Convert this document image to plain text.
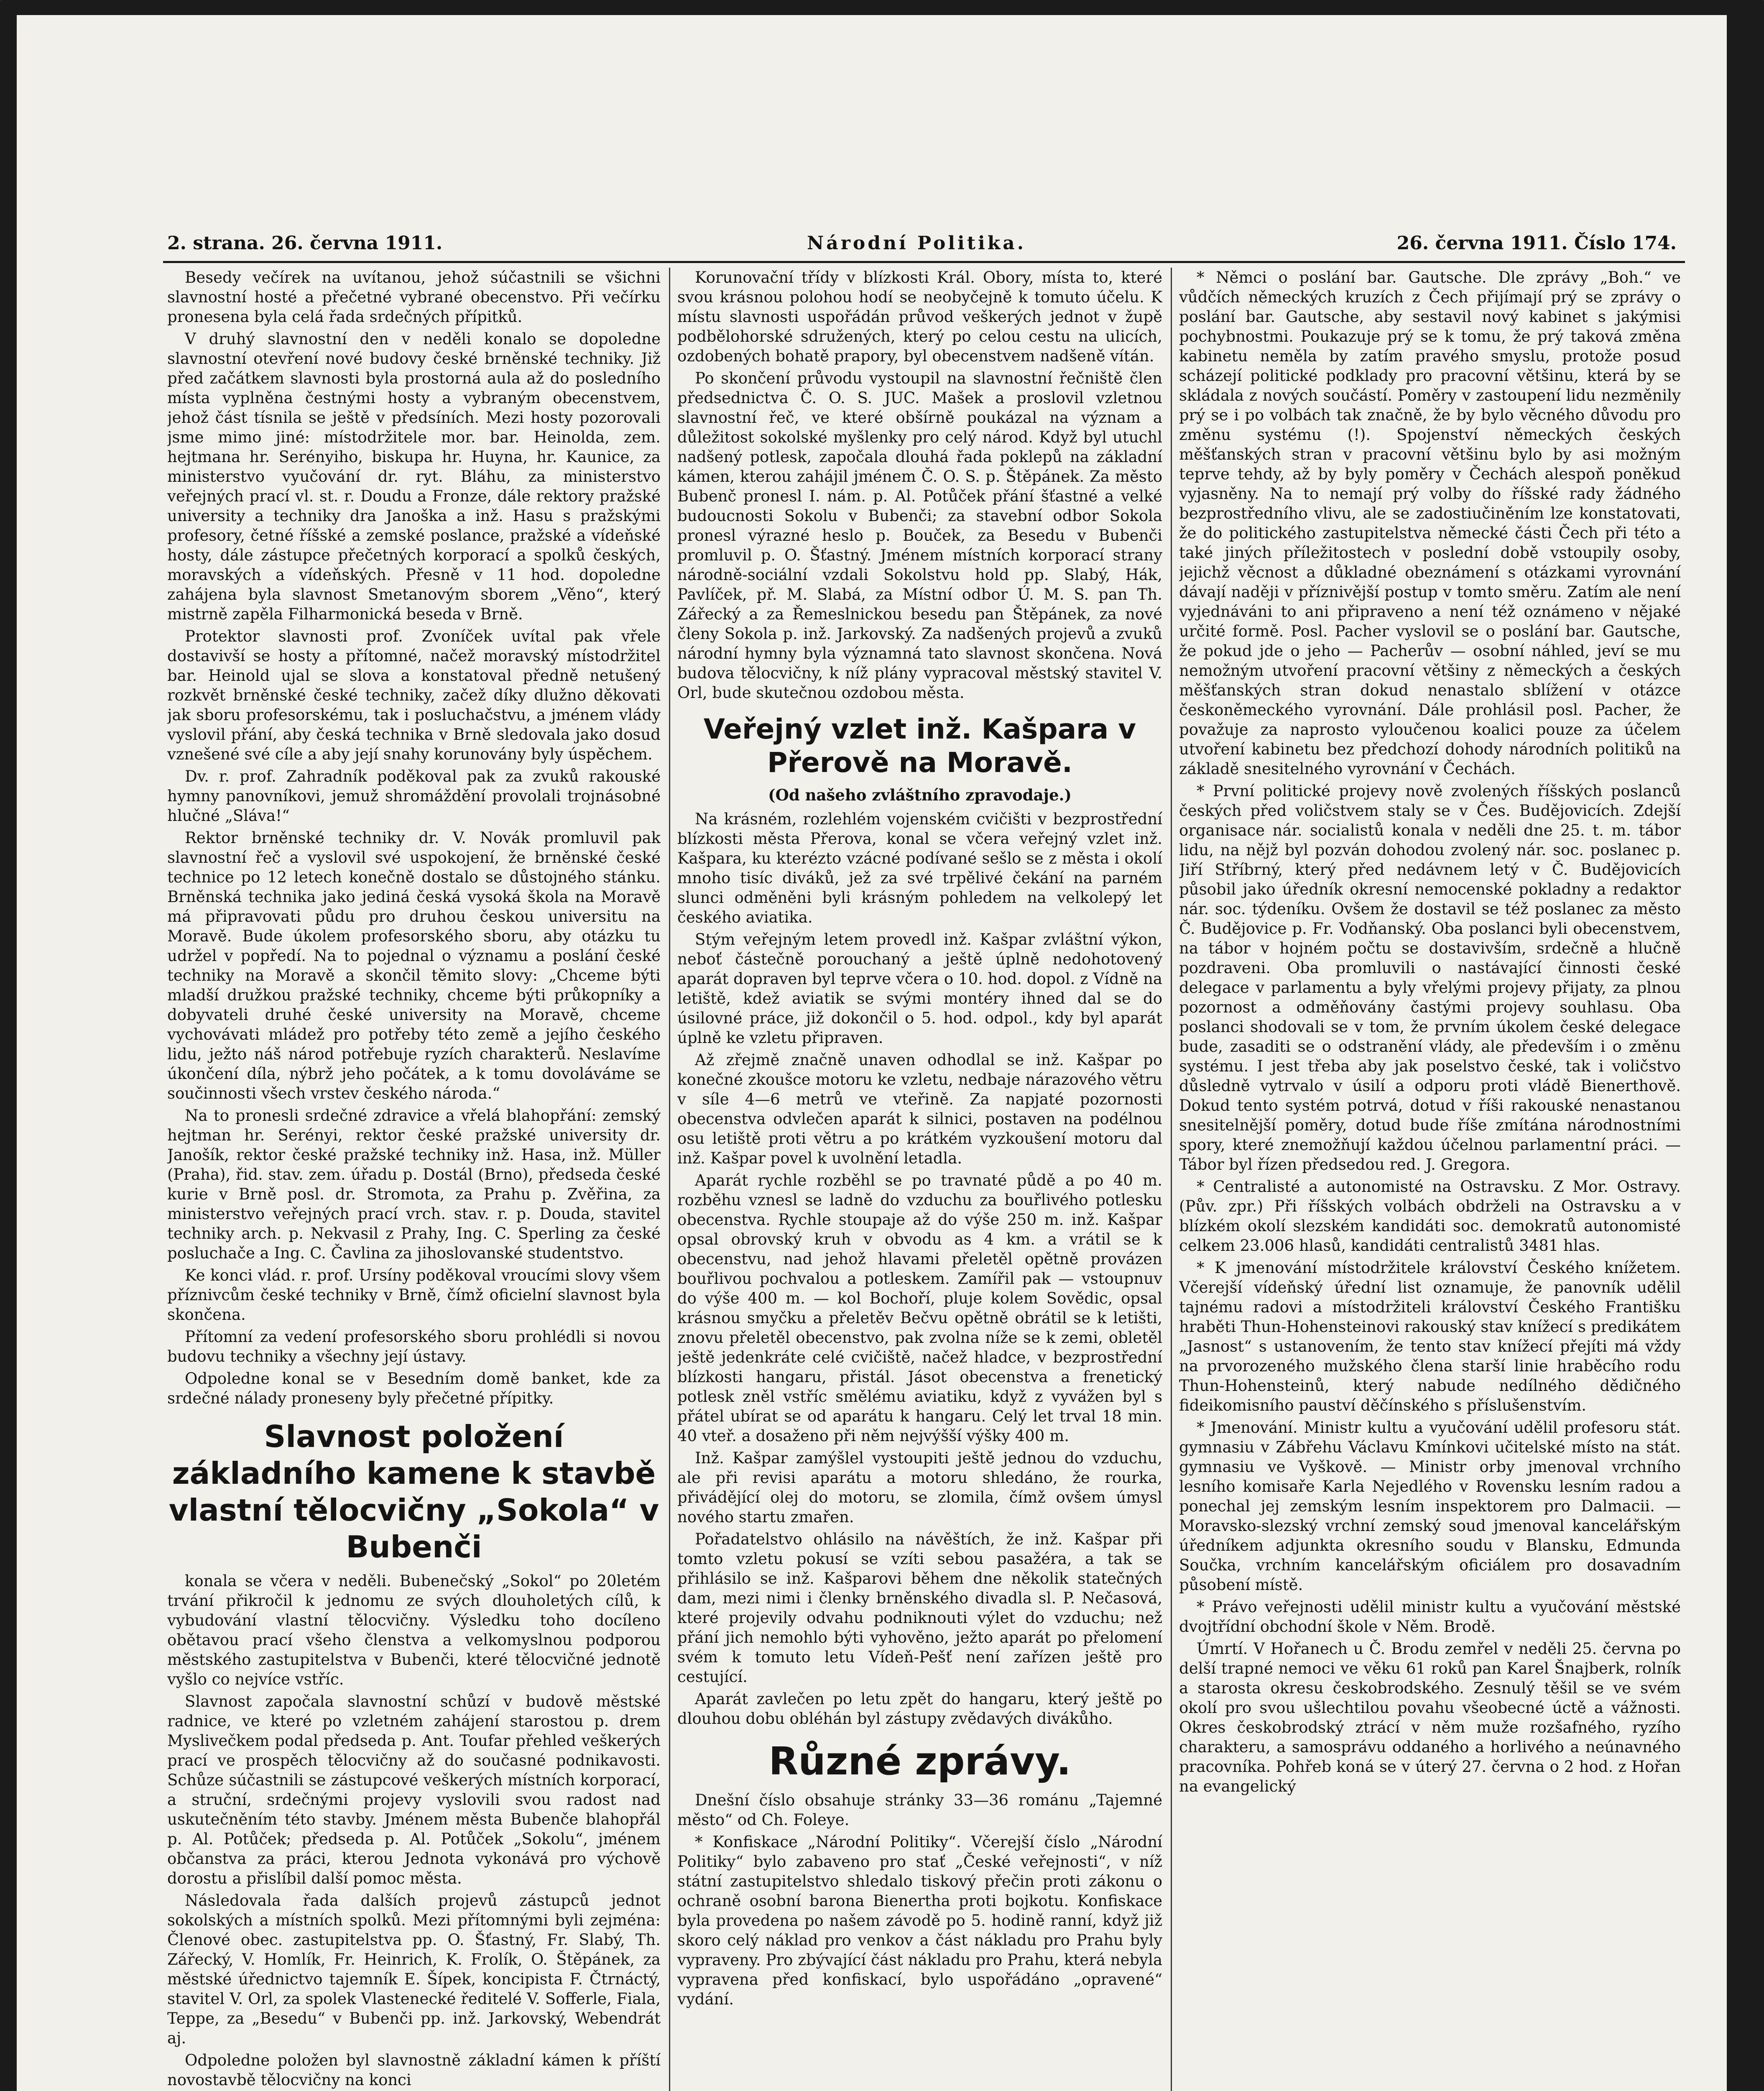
2. strana. 26. června 1911.	Národní Politika.	26. června 1911. Číslo 174.

Besedy večírek na uvítanou, jehož súčastnili se všichni slavnostní hosté a přečetné vybrané obecenstvo. Při večírku pronesena byla celá řada srdečných přípitků.

V druhý slavnostní den v neděli konalo se dopoledne slavnostní otevření nové budovy české brněnské techniky. Již před začátkem slavnosti byla prostorná aula až do posledního místa vyplněna čestnými hosty a vybraným obecenstvem, jehož část tísnila se ještě v předsíních. Mezi hosty pozorovali jsme mimo jiné: místodržitele mor. bar. Heinolda, zem. hejtmana hr. Serényiho, biskupa hr. Huyna, hr. Kaunice, za ministerstvo vyučování dr. ryt. Bláhu, za ministerstvo veřejných prací vl. st. r. Doudu a Fronze, dále rektory pražské university a techniky dra Janoška a inž. Hasu s pražskými profesory, četné říšské a zemské poslance, pražské a vídeňské hosty, dále zástupce přečetných korporací a spolků českých, moravských a vídeňských. Přesně v 11 hod. dopoledne zahájena byla slavnost Smetanovým sborem „Věno“, který mistrně zapěla Filharmonická beseda v Brně.

Protektor slavnosti prof. Zvoníček uvítal pak vřele dostavivší se hosty a přítomné, načež moravský místodržitel bar. Heinold ujal se slova a konstatoval předně netušený rozkvět brněnské české techniky, začež díky dlužno děkovati jak sboru profesorskému, tak i posluchačstvu, a jménem vlády vyslovil přání, aby česká technika v Brně sledovala jako dosud vznešené své cíle a aby její snahy korunovány byly úspěchem.

Dv. r. prof. Zahradník poděkoval pak za zvuků rakouské hymny panovníkovi, jemuž shromáždění provolali trojnásobné hlučné „Sláva!“

Rektor brněnské techniky dr. V. Novák promluvil pak slavnostní řeč a vyslovil své uspokojení, že brněnské české technice po 12 letech konečně dostalo se důstojného stánku. Brněnská technika jako jediná česká vysoká škola na Moravě má připravovati půdu pro druhou českou universitu na Moravě. Bude úkolem profesorského sboru, aby otázku tu udržel v popředí. Na to pojednal o významu a poslání české techniky na Moravě a skončil těmito slovy: „Chceme býti mladší družkou pražské techniky, chceme býti průkopníky a dobyvateli druhé české university na Moravě, chceme vychovávati mládež pro potřeby této země a jejího českého lidu, ježto náš národ potřebuje ryzích charakterů. Neslavíme úkončení díla, nýbrž jeho počátek, a k tomu dovoláváme se součinnosti všech vrstev českého národa.“

Na to pronesli srdečné zdravice a vřelá blahopřání: zemský hejtman hr. Serényi, rektor české pražské university dr. Janošík, rektor české pražské techniky inž. Hasa, inž. Müller (Praha), řid. stav. zem. úřadu p. Dostál (Brno), předseda české kurie v Brně posl. dr. Stromota, za Prahu p. Zvěřina, za ministerstvo veřejných prací vrch. stav. r. p. Douda, stavitel techniky arch. p. Nekvasil z Prahy, Ing. C. Sperling za české posluchače a Ing. C. Čavlina za jihoslovanské studentstvo.

Ke konci vlád. r. prof. Ursíny poděkoval vroucími slovy všem příznivcům české techniky v Brně, čímž oficielní slavnost byla skončena.

Přítomní za vedení profesorského sboru prohlédli si novou budovu techniky a všechny její ústavy.

Odpoledne konal se v Besedním domě banket, kde za srdečné nálady proneseny byly přečetné přípitky.

Slavnost položení základního kamene k stavbě vlastní tělocvičny „Sokola“ v Bubenči

konala se včera v neděli. Bubenečský „Sokol“ po 20letém trvání přikročil k jednomu ze svých dlouholetých cílů, k vybudování vlastní tělocvičny. Výsledku toho docíleno obětavou prací všeho členstva a velkomyslnou podporou městského zastupitelstva v Bubenči, které tělocvičné jednotě vyšlo co nejvíce vstříc.

Slavnost započala slavnostní schůzí v budově městské radnice, ve které po vzletném zahájení starostou p. drem Myslivečkem podal předseda p. Ant. Toufar přehled veškerých prací ve prospěch tělocvičny až do současné podnikavosti. Schůze súčastnili se zástupcové veškerých místních korporací, a struční, srdečnými projevy vyslovili svou radost nad uskutečněním této stavby. Jménem města Bubenče blahopřál p. Al. Potůček; předseda p. Al. Potůček „Sokolu“, jménem občanstva za práci, kterou Jednota vykonává pro výchově dorostu a přislíbil další pomoc města.

Následovala řada dalších projevů zástupců jednot sokolských a místních spolků. Mezi přítomnými byli zejména: Členové obec. zastupitelstva pp. O. Šťastný, Fr. Slabý, Th. Zářecký, V. Homlík, Fr. Heinrich, K. Frolík, O. Štěpánek, za městské úřednictvo tajemník E. Šípek, koncipista F. Čtrnáctý, stavitel V. Orl, za spolek Vlastenecké ředitelé V. Sofferle, Fiala, Teppe, za „Besedu“ v Bubenči pp. inž. Jarkovský, Webendrát aj.

Odpoledne položen byl slavnostně základní kámen k příští novostavbě tělocvičny na konci

Korunovační třídy v blízkosti Král. Obory, místa to, které svou krásnou polohou hodí se neobyčejně k tomuto účelu. K místu slavnosti uspořádán průvod veškerých jednot v župě podbělohorské sdružených, který po celou cestu na ulicích, ozdobených bohatě prapory, byl obecenstvem nadšeně vítán.

Po skončení průvodu vystoupil na slavnostní řečniště člen předsednictva Č. O. S. JUC. Mašek a proslovil vzletnou slavnostní řeč, ve které obšírně poukázal na význam a důležitost sokolské myšlenky pro celý národ. Když byl utuchl nadšený potlesk, započala dlouhá řada poklepů na základní kámen, kterou zahájil jménem Č. O. S. p. Štěpánek. Za město Bubenč pronesl I. nám. p. Al. Potůček přání šťastné a velké budoucnosti Sokolu v Bubenči; za stavební odbor Sokola pronesl výrazné heslo p. Bouček, za Besedu v Bubenči promluvil p. O. Šťastný. Jménem místních korporací strany národně-sociální vzdali Sokolstvu hold pp. Slabý, Hák, Pavlíček, př. M. Slabá, za Místní odbor Ú. M. S. pan Th. Zářecký a za Řemeslnickou besedu pan Štěpánek, za nové členy Sokola p. inž. Jarkovský. Za nadšených projevů a zvuků národní hymny byla významná tato slavnost skončena. Nová budova tělocvičny, k níž plány vypracoval městský stavitel V. Orl, bude skutečnou ozdobou města.

Veřejný vzlet inž. Kašpara v Přerově na Moravě.

(Od našeho zvláštního zpravodaje.)

Na krásném, rozlehlém vojenském cvičišti v bezprostřední blízkosti města Přerova, konal se včera veřejný vzlet inž. Kašpara, ku kterézto vzácné podívané sešlo se z města i okolí mnoho tisíc diváků, jež za své trpělivé čekání na parném slunci odměněni byli krásným pohledem na velkolepý let českého aviatika.

Stým veřejným letem provedl inž. Kašpar zvláštní výkon, neboť částečně porouchaný a ještě úplně nedohotovený aparát dopraven byl teprve včera o 10. hod. dopol. z Vídně na letiště, kdež aviatik se svými montéry ihned dal se do úsilovné práce, již dokončil o 5. hod. odpol., kdy byl aparát úplně ke vzletu připraven.

Až zřejmě značně unaven odhodlal se inž. Kašpar po konečné zkoušce motoru ke vzletu, nedbaje nárazového větru v síle 4—6 metrů ve vteřině. Za napjaté pozornosti obecenstva odvlečen aparát k silnici, postaven na podélnou osu letiště proti větru a po krátkém vyzkoušení motoru dal inž. Kašpar povel k uvolnění letadla.

Aparát rychle rozběhl se po travnaté půdě a po 40 m. rozběhu vznesl se ladně do vzduchu za bouřlivého potlesku obecenstva. Rychle stoupaje až do výše 250 m. inž. Kašpar opsal obrovský kruh v obvodu as 4 km. a vrátil se k obecenstvu, nad jehož hlavami přeletěl opětně provázen bouřlivou pochvalou a potleskem. Zamířil pak — vstoupnuv do výše 400 m. — kol Bochoří, pluje kolem Sovědic, opsal krásnou smyčku a přeletěv Bečvu opětně obrátil se k letišti, znovu přeletěl obecenstvo, pak zvolna níže se k zemi, obletěl ještě jedenkráte celé cvičiště, načež hladce, v bezprostřední blízkosti hangaru, přistál. Jásot obecenstva a frenetický potlesk zněl vstříc smělému aviatiku, když z vyvážen byl s přátel ubírat se od aparátu k hangaru. Celý let trval 18 min. 40 vteř. a dosaženo při něm nejvýšší výšky 400 m.

Inž. Kašpar zamýšlel vystoupiti ještě jednou do vzduchu, ale při revisi aparátu a motoru shledáno, že rourka, přivádějící olej do motoru, se zlomila, čímž ovšem úmysl nového startu zmařen.

Pořadatelstvo ohlásilo na návěštích, že inž. Kašpar při tomto vzletu pokusí se vzíti sebou pasažéra, a tak se přihlásilo se inž. Kašparovi během dne několik statečných dam, mezi nimi i členky brněnského divadla sl. P. Nečasová, které projevily odvahu podniknouti výlet do vzduchu; než přání jich nemohlo býti vyhověno, ježto aparát po přelomení svém k tomuto letu Vídeň-Pešť není zařízen ještě pro cestující.

Aparát zavlečen po letu zpět do hangaru, který ještě po dlouhou dobu obléhán byl zástupy zvědavých divákůho.

Různé zprávy.

Dnešní číslo obsahuje stránky 33—36 románu „Tajemné město“ od Ch. Foleye.

* Konfiskace „Národní Politiky“. Včerejší číslo „Národní Politiky“ bylo zabaveno pro stať „České veřejnosti“, v níž státní zastupitelstvo shledalo tiskový přečin proti zákonu o ochraně osobní barona Bienertha proti bojkotu. Konfiskace byla provedena po našem závodě po 5. hodině ranní, když již skoro celý náklad pro venkov a část nákladu pro Prahu byly vypraveny. Pro zbývající část nákladu pro Prahu, která nebyla vypravena před konfiskací, bylo uspořádáno „opravené“ vydání.

* Němci o poslání bar. Gautsche. Dle zprávy „Boh.“ ve vůdčích německých kruzích z Čech přijímají prý se zprávy o poslání bar. Gautsche, aby sestavil nový kabinet s jakýmisi pochybnostmi. Poukazuje prý se k tomu, že prý taková změna kabinetu neměla by zatím pravého smyslu, protože posud scházejí politické podklady pro pracovní většinu, která by se skládala z nových součástí. Poměry v zastoupení lidu nezměnily prý se i po volbách tak značně, že by bylo věcného důvodu pro změnu systému (!). Spojenství německých českých měšťanských stran v pracovní většinu bylo by asi možným teprve tehdy, až by byly poměry v Čechách alespoň poněkud vyjasněny. Na to nemají prý volby do říšské rady žádného bezprostředního vlivu, ale se zadostiučiněním lze konstatovati, že do politického zastupitelstva německé části Čech při této a také jiných příležitostech v poslední době vstoupily osoby, jejichž věcnost a důkladné obeznámení s otázkami vyrovnání dávají naději v příznivější postup v tomto směru. Zatím ale není vyjednáváni to ani připraveno a není též oznámeno v nějaké určité formě. Posl. Pacher vyslovil se o poslání bar. Gautsche, že pokud jde o jeho — Pacherův — osobní náhled, jeví se mu nemožným utvoření pracovní většiny z německých a českých měšťanských stran dokud nenastalo sblížení v otázce českoněmeckého vyrovnání. Dále prohlásil posl. Pacher, že považuje za naprosto vyloučenou koalici pouze za účelem utvoření kabinetu bez předchozí dohody národních politiků na základě snesitelného vyrovnání v Čechách.

* První politické projevy nově zvolených říšských poslanců českých před voličstvem staly se v Čes. Budějovicích. Zdejší organisace nár. socialistů konala v neděli dne 25. t. m. tábor lidu, na nějž byl pozván dohodou zvolený nár. soc. poslanec p. Jiří Stříbrný, který před nedávnem letý v Č. Budějovicích působil jako úředník okresní nemocenské pokladny a redaktor nár. soc. týdeníku. Ovšem že dostavil se též poslanec za město Č. Budějovice p. Fr. Vodňanský. Oba poslanci byli obecenstvem, na tábor v hojném počtu se dostavivším, srdečně a hlučně pozdraveni. Oba promluvili o nastávající činnosti české delegace v parlamentu a byly vřelými projevy přijaty, za plnou pozornost a odměňovány častými projevy souhlasu. Oba poslanci shodovali se v tom, že prvním úkolem české delegace bude, zasaditi se o odstranění vlády, ale především i o změnu systému. I jest třeba aby jak poselstvo české, tak i voličstvo důsledně vytrvalo v úsilí a odporu proti vládě Bienerthově. Dokud tento systém potrvá, dotud v říši rakouské nenastanou snesitelnější poměry, dotud bude říše zmítána národnostními spory, které znemožňují každou účelnou parlamentní práci. — Tábor byl řízen předsedou red. J. Gregora.

* Centralisté a autonomisté na Ostravsku. Z Mor. Ostravy. (Pův. zpr.) Při říšských volbách obdrželi na Ostravsku a v blízkém okolí slezském kandidáti soc. demokratů autonomisté celkem 23.006 hlasů, kandidáti centralistů 3481 hlas.

* K jmenování místodržitele království Českého knížetem. Včerejší vídeňský úřední list oznamuje, že panovník udělil tajnému radovi a místodržiteli království Českého Františku hraběti Thun-Hohensteinovi rakouský stav knížecí s predikátem „Jasnost“ s ustanovením, že tento stav knížecí přejíti má vždy na prvorozeného mužského člena starší linie hraběcího rodu Thun-Hohensteinů, který nabude nedílného dědičného fideikomisního pauství děčínského s příslušenstvím.

* Jmenování. Ministr kultu a vyučování udělil profesoru stát. gymnasiu v Zábřehu Václavu Kmínkovi učitelské místo na stát. gymnasiu ve Vyškově. — Ministr orby jmenoval vrchního lesního komisaře Karla Nejedlého v Rovensku lesním radou a ponechal jej zemským lesním inspektorem pro Dalmacii. — Moravsko-slezský vrchní zemský soud jmenoval kancelářským úředníkem adjunkta okresního soudu v Blansku, Edmunda Součka, vrchním kancelářským oficiálem pro dosavadním působení místě.

* Právo veřejnosti udělil ministr kultu a vyučování městské dvojtřídní obchodní škole v Něm. Brodě.

Úmrtí. V Hořanech u Č. Brodu zemřel v neděli 25. června po delší trapné nemoci ve věku 61 roků pan Karel Šnajberk, rolník a starosta okresu českobrodského. Zesnulý těšil se ve svém okolí pro svou ušlechtilou povahu všeobecné úctě a vážnosti. Okres českobrodský ztrácí v něm muže rozšafného, ryzího charakteru, a samosprávu oddaného a horlivého a neúnavného pracovníka. Pohřeb koná se v úterý 27. června o 2 hod. z Hořan na evangelický
